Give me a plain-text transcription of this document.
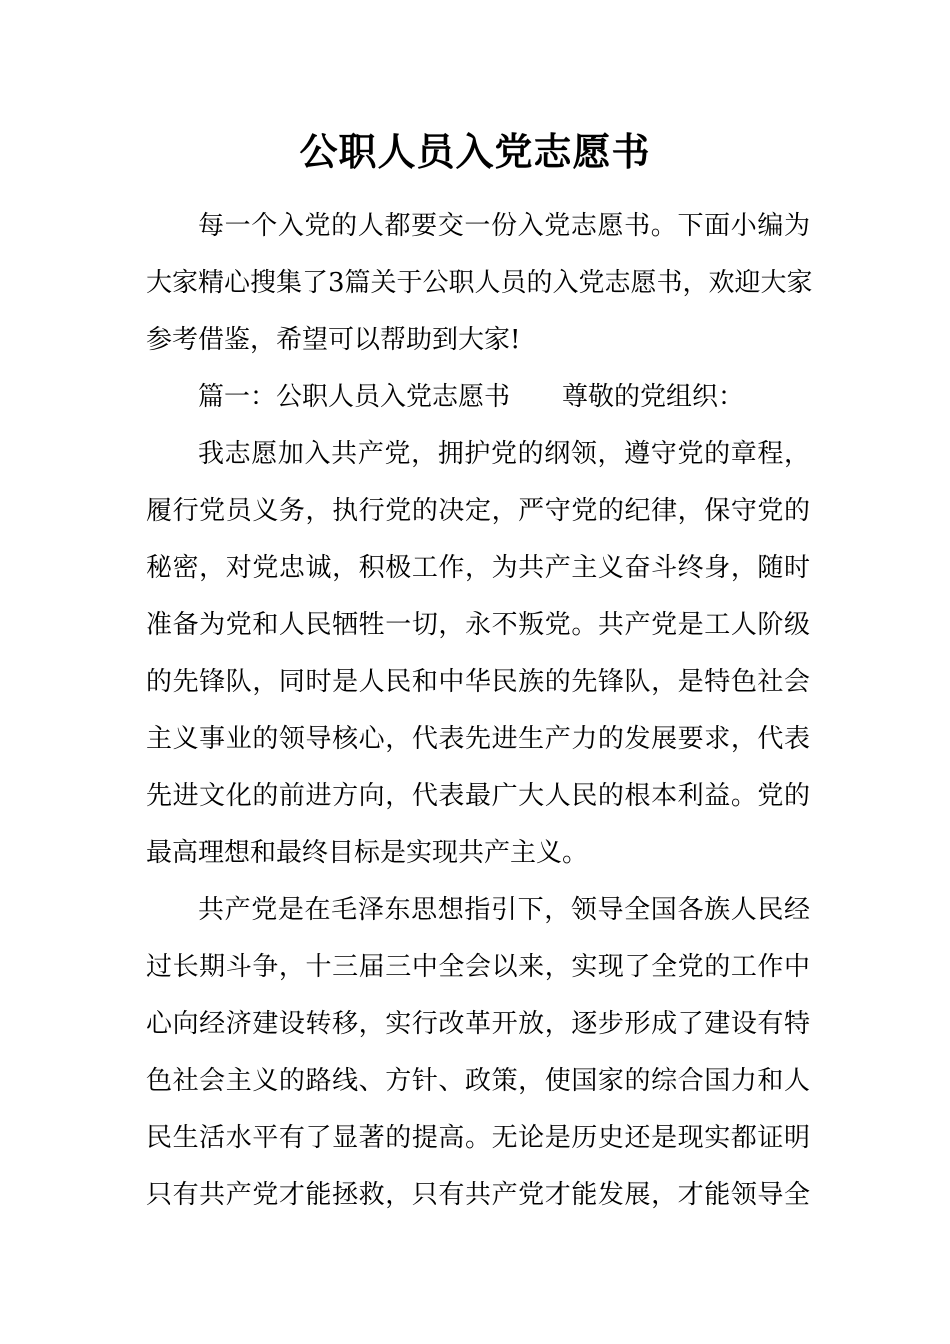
公职人员入党志愿书
每一个入党的人都要交一份入党志愿书。下面小编为
大家精心搜集了3篇关于公职人员的入党志愿书，欢迎大家
参考借鉴，希望可以帮助到大家!
篇一：公职人员入党志愿书 尊敬的党组织：
我志愿加入共产党，拥护党的纲领，遵守党的章程，
履行党员义务，执行党的决定，严守党的纪律，保守党的
秘密，对党忠诚，积极工作，为共产主义奋斗终身，随时
准备为党和人民牺牲一切，永不叛党。共产党是工人阶级
的先锋队，同时是人民和中华民族的先锋队，是特色社会
主义事业的领导核心，代表先进生产力的发展要求，代表
先进文化的前进方向，代表最广大人民的根本利益。党的
最高理想和最终目标是实现共产主义。
共产党是在毛泽东思想指引下，领导全国各族人民经
过长期斗争，十三届三中全会以来，实现了全党的工作中
心向经济建设转移，实行改革开放，逐步形成了建设有特
色社会主义的路线、方针、政策，使国家的综合国力和人
民生活水平有了显著的提高。无论是历史还是现实都证明
只有共产党才能拯救，只有共产党才能发展，才能领导全
